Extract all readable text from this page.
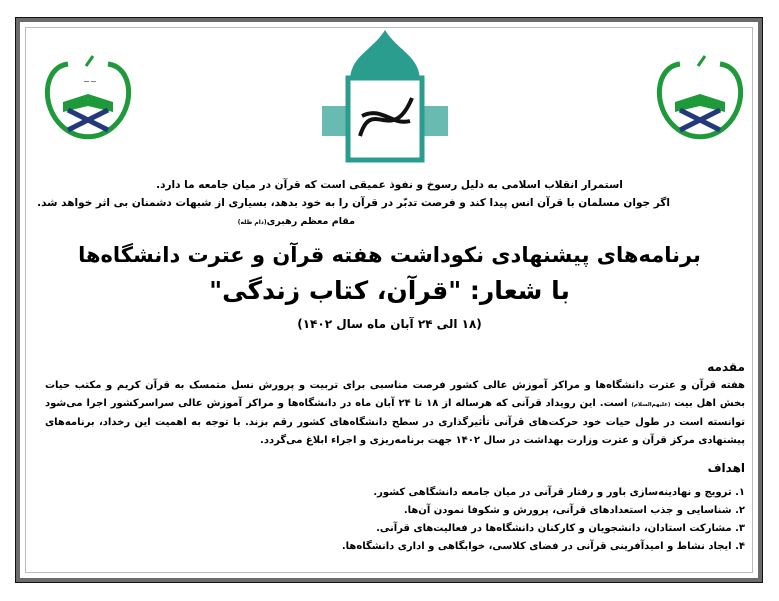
~~
استمرار انقلاب اسلامی به دلیل رسوخ و نفوذ عمیقی است که قرآن در میان جامعه ما دارد.
اگر جوان مسلمان با قرآن انس پیدا کند و فرصت تدبّر در قرآن را به خود بدهد، بسیاری از شبهات دشمنان بی اثر خواهد شد.
مقام معظم رهبری(دام ظله)
برنامه‌های پیشنهادی نکوداشت هفته قرآن و عترت دانشگاه‌ها
با شعار: "قرآن، کتاب زندگی"
(۱۸ الی ۲۴ آبان ماه سال ۱۴۰۲)
مقدمه
هفته قرآن و عترت دانشگاه‌ها و مراکز آموزش عالی کشور فرصت مناسبی برای تربیت و پرورش نسل متمسک به قرآن کریم و مکتب حیات بخش اهل بیت (علیهم‌السلام) است. این رویداد قرآنی که هرساله از ۱۸ تا ۲۴ آبان ماه در دانشگاه‌ها و مراکز آموزش عالی سراسرکشور اجرا می‌شود توانسته است در طول حیات خود حرکت‌های قرآنی تأثیرگذاری در سطح دانشگاه‌های کشور رقم بزند. با توجه به اهمیت این رخداد، برنامه‌های پیشنهادی مرکز قرآن و عترت وزارت بهداشت در سال ۱۴۰۲ جهت برنامه‌ریزی و اجراء ابلاغ می‌گردد.
اهداف
۱. ترویج و نهادینه‌سازی باور و رفتار قرآنی در میان جامعه دانشگاهی کشور.
۲. شناسایی و جذب استعدادهای قرآنی، پرورش و شکوفا نمودن آن‌ها.
۳. مشارکت استادان، دانشجویان و کارکنان دانشگاه‌ها در فعالیت‌های قرآنی.
۴. ایجاد نشاط و امیدآفرینی قرآنی در فضای کلاسی، خوابگاهی و اداری دانشگاه‌ها.
